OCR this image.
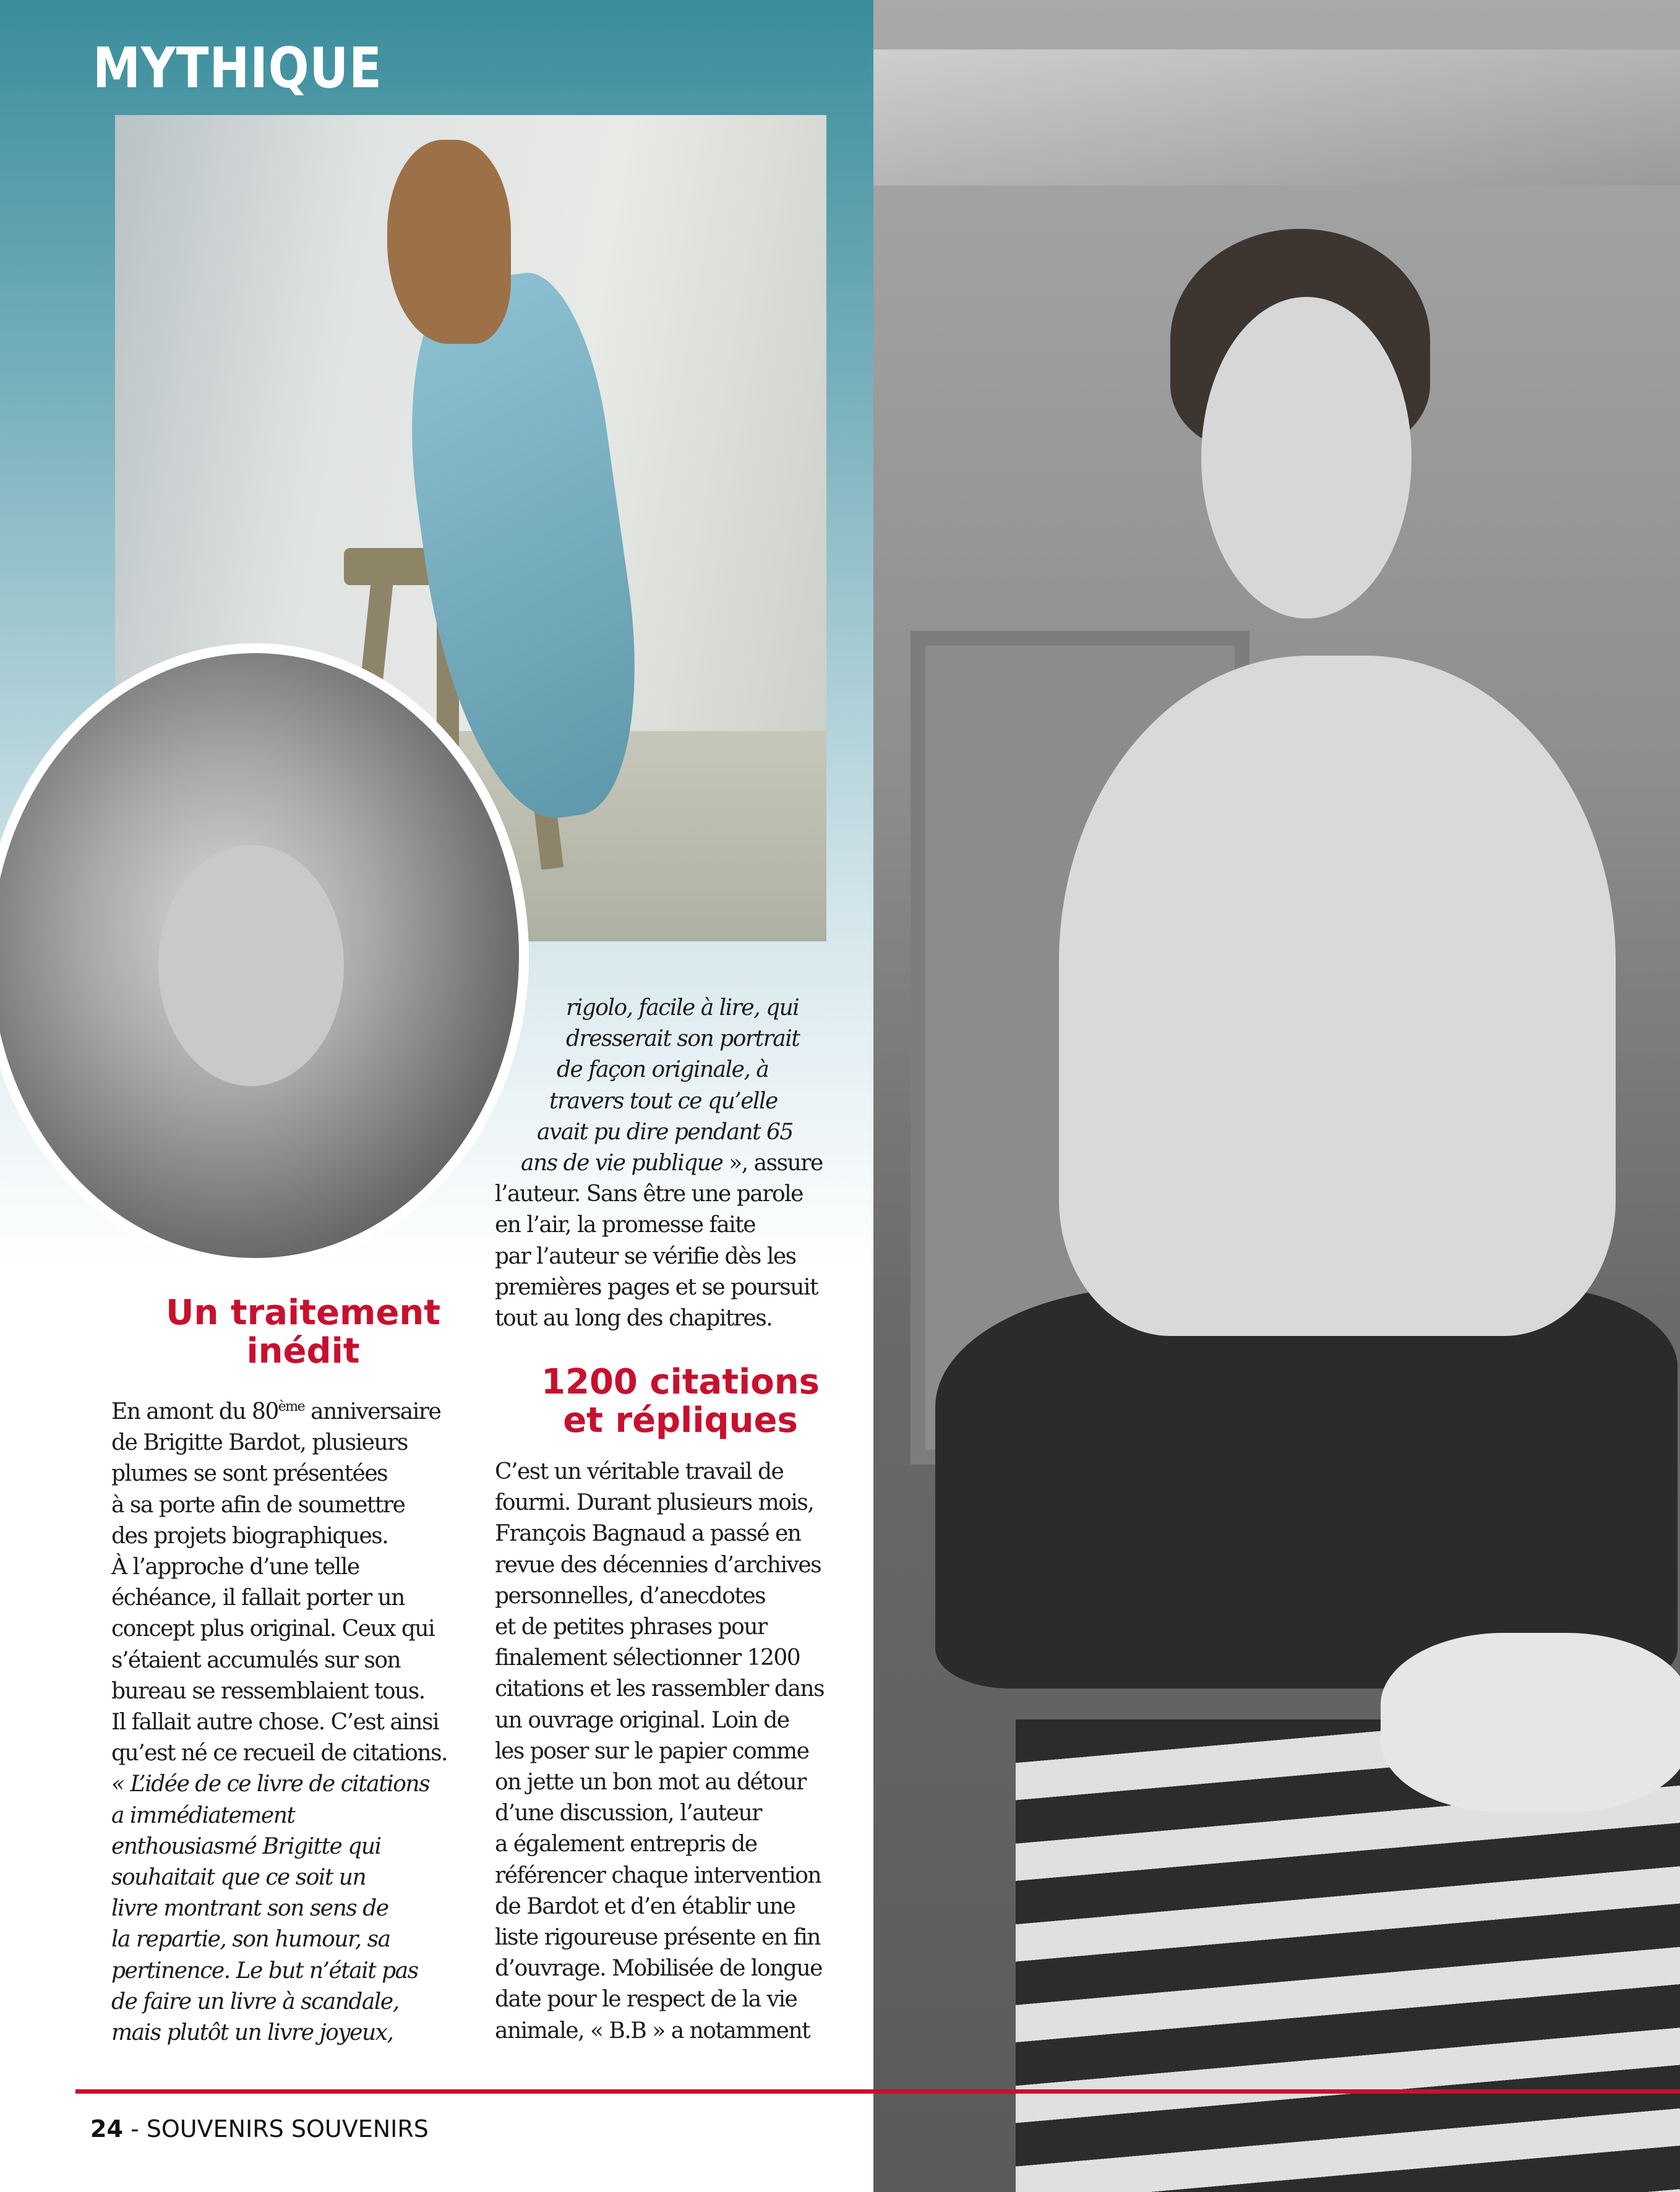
MYTHIQUE
Un traitement
inédit
En amont du 80ème anniversaire
de Brigitte Bardot, plusieurs
plumes se sont présentées
à sa porte afin de soumettre
des projets biographiques.
À l’approche d’une telle
échéance, il fallait porter un
concept plus original. Ceux qui
s’étaient accumulés sur son
bureau se ressemblaient tous.
Il fallait autre chose. C’est ainsi
qu’est né ce recueil de citations.
« L’idée de ce livre de citations
a immédiatement
enthousiasmé Brigitte qui
souhaitait que ce soit un
livre montrant son sens de
la repartie, son humour, sa
pertinence. Le but n’était pas
de faire un livre à scandale,
mais plutôt un livre joyeux,
rigolo, facile à lire, qui
dresserait son portrait
de façon originale, à
travers tout ce qu’elle
avait pu dire pendant 65
ans de vie publique », assure
l’auteur. Sans être une parole
en l’air, la promesse faite
par l’auteur se vérifie dès les
premières pages et se poursuit
tout au long des chapitres.
1200 citations
et répliques
C’est un véritable travail de
fourmi. Durant plusieurs mois,
François Bagnaud a passé en
revue des décennies d’archives
personnelles, d’anecdotes
et de petites phrases pour
finalement sélectionner 1200
citations et les rassembler dans
un ouvrage original. Loin de
les poser sur le papier comme
on jette un bon mot au détour
d’une discussion, l’auteur
a également entrepris de
référencer chaque intervention
de Bardot et d’en établir une
liste rigoureuse présente en fin
d’ouvrage. Mobilisée de longue
date pour le respect de la vie
animale, « B.B » a notamment

24 - SOUVENIRS SOUVENIRS
